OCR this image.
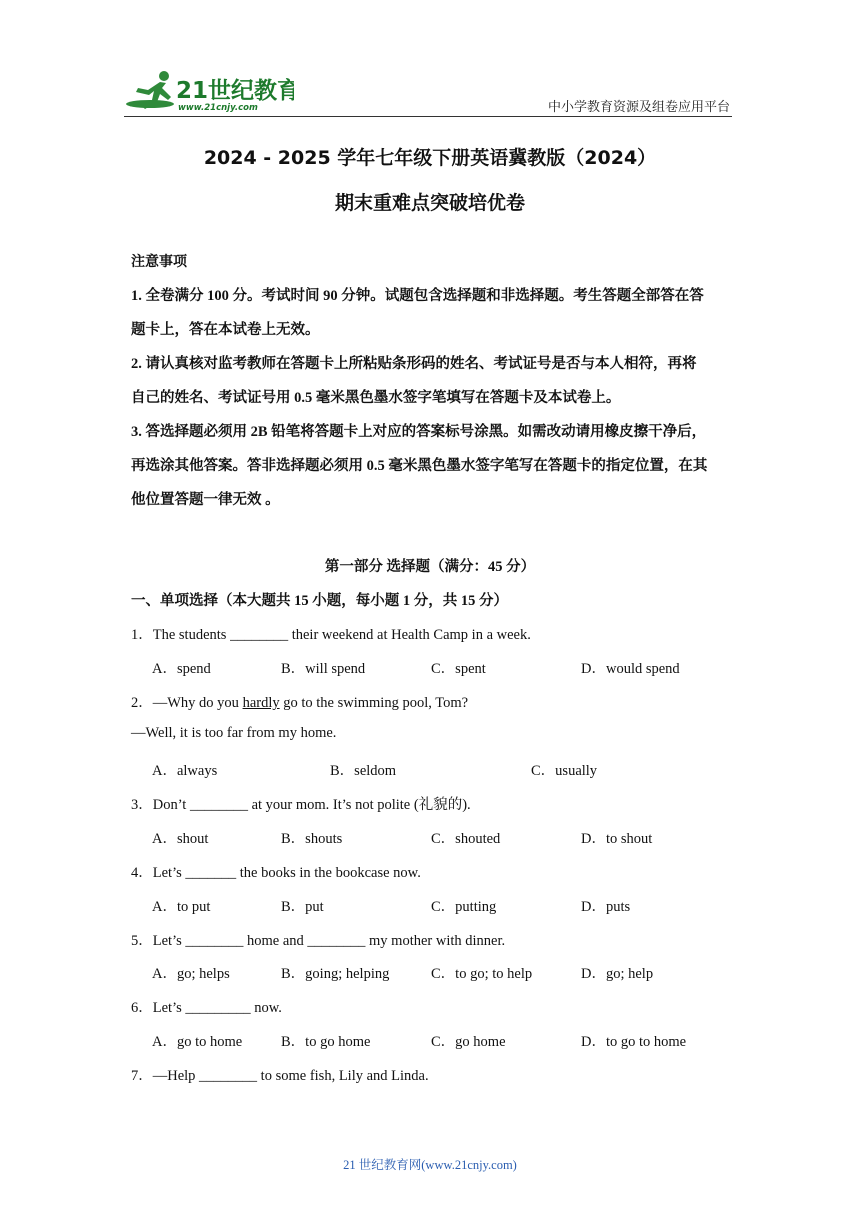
21世纪教育
www.21cnjy.com	中小学教育资源及组卷应用平台
2024 - 2025 学年七年级下册英语冀教版（2024）
期末重难点突破培优卷
注意事项
1. 全卷满分 100 分。考试时间 90 分钟。试题包含选择题和非选择题。考生答题全部答在答
题卡上，答在本试卷上无效。
2. 请认真核对监考教师在答题卡上所粘贴条形码的姓名、考试证号是否与本人相符，再将
自己的姓名、考试证号用 0.5 毫米黑色墨水签字笔填写在答题卡及本试卷上。
3. 答选择题必须用 2B 铅笔将答题卡上对应的答案标号涂黑。如需改动请用橡皮擦干净后，
再选涂其他答案。答非选择题必须用 0.5 毫米黑色墨水签字笔写在答题卡的指定位置，在其
他位置答题一律无效 。
第一部分 选择题（满分：45 分）
一、单项选择（本大题共 15 小题，每小题 1 分，共 15 分）
1．The students ________ their weekend at Health Camp in a week.
A．spend	B．will spend	C．spent	D．would spend
2．—Why do you hardly go to the swimming pool, Tom?
—Well, it is too far from my home.
A．always	B．seldom	C．usually
3．Don’t ________ at your mom. It’s not polite (礼貌的).
A．shout	B．shouts	C．shouted	D．to shout
4．Let’s _______ the books in the bookcase now.
A．to put	B．put	C．putting	D．puts
5．Let’s ________ home and ________ my mother with dinner.
A．go; helps	B．going; helping	C．to go; to help	D．go; help
6．Let’s _________ now.
A．go to home	B．to go home	C．go home	D．to go to home
7．—Help ________ to some fish, Lily and Linda.
21 世纪教育网(www.21cnjy.com)
